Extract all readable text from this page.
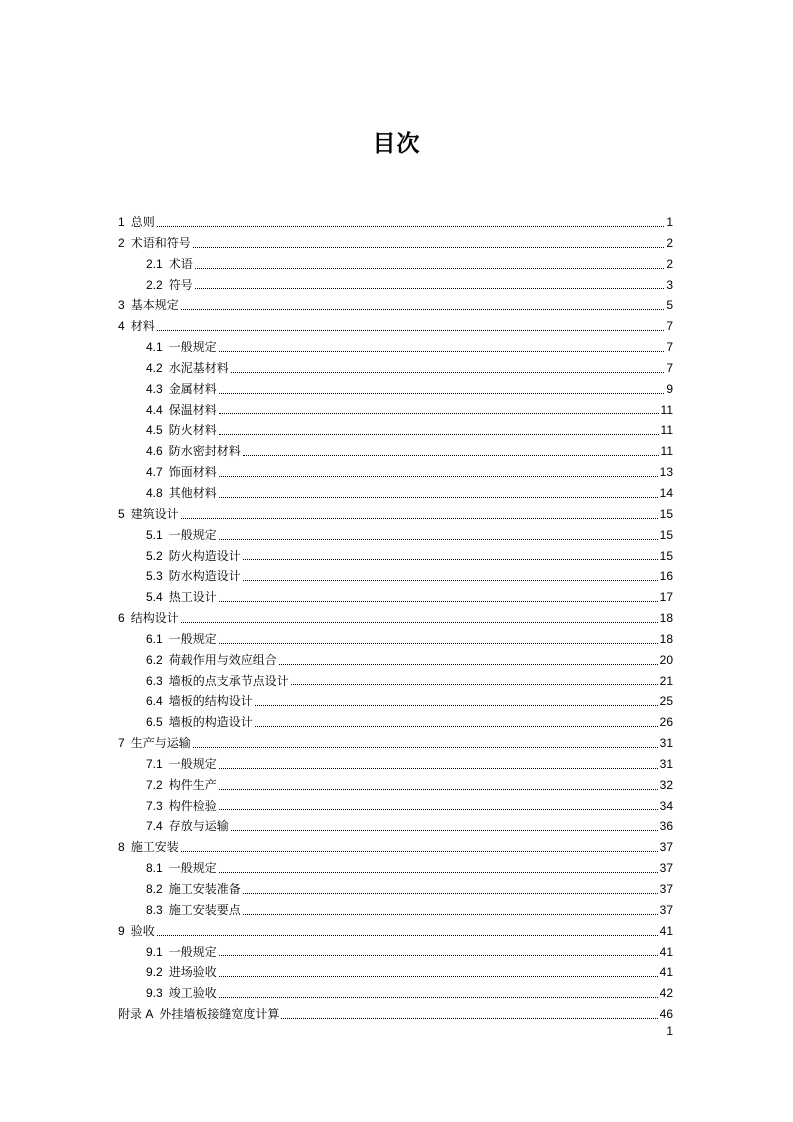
目次
1 总则	1
2 术语和符号	2
2.1 术语	2
2.2 符号	3
3 基本规定	5
4 材料	7
4.1 一般规定	7
4.2 水泥基材料	7
4.3 金属材料	9
4.4 保温材料	11
4.5 防火材料	11
4.6 防水密封材料	11
4.7 饰面材料	13
4.8 其他材料	14
5 建筑设计	15
5.1 一般规定	15
5.2 防火构造设计	15
5.3 防水构造设计	16
5.4 热工设计	17
6 结构设计	18
6.1 一般规定	18
6.2 荷载作用与效应组合	20
6.3 墙板的点支承节点设计	21
6.4 墙板的结构设计	25
6.5 墙板的构造设计	26
7 生产与运输	31
7.1 一般规定	31
7.2 构件生产	32
7.3 构件检验	34
7.4 存放与运输	36
8 施工安装	37
8.1 一般规定	37
8.2 施工安装准备	37
8.3 施工安装要点	37
9 验收	41
9.1 一般规定	41
9.2 进场验收	41
9.3 竣工验收	42
附录 A 外挂墙板接缝宽度计算	46
1
